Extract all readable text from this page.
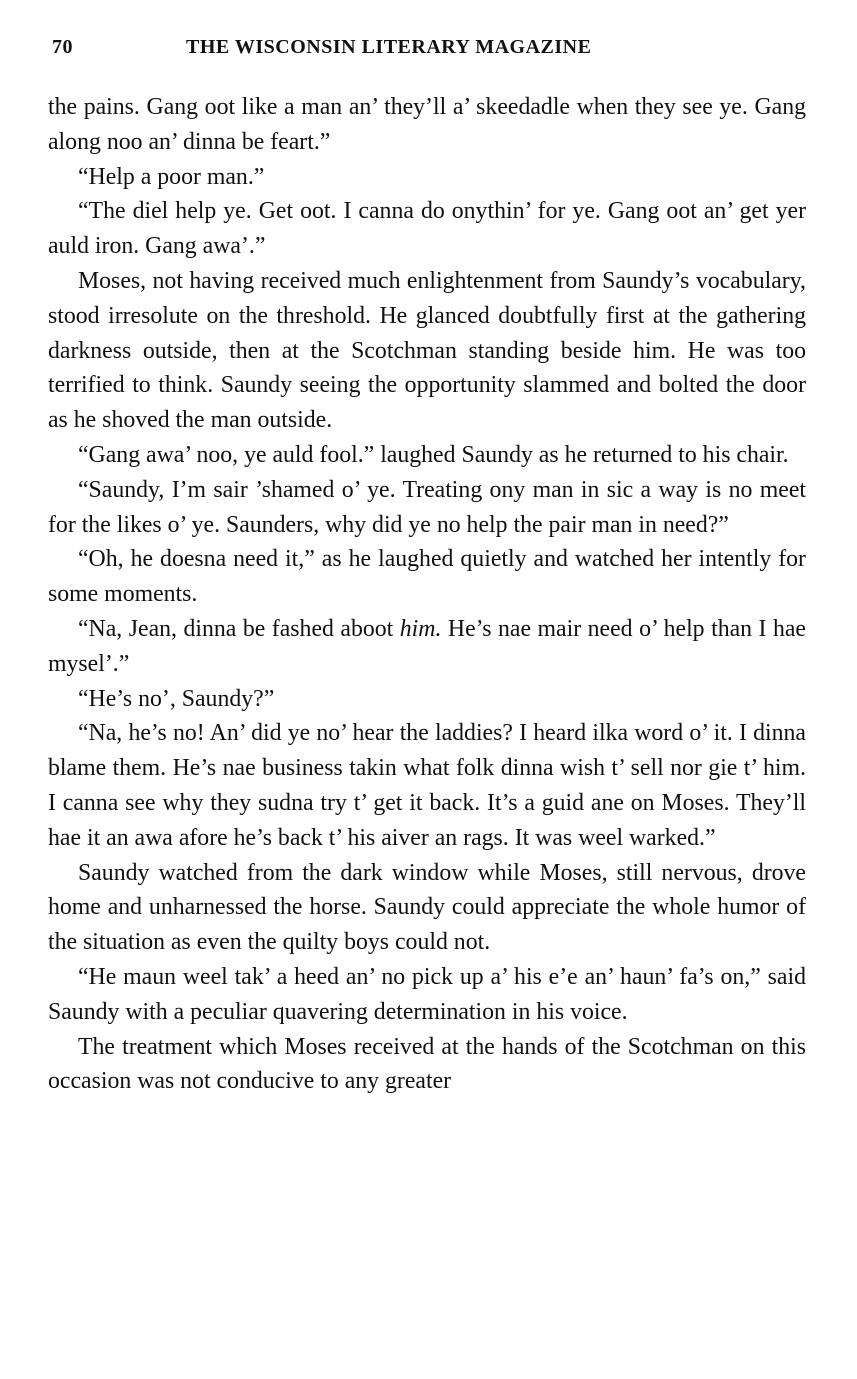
70	THE WISCONSIN LITERARY MAGAZINE

the pains. Gang oot like a man an’ they’ll a’ skeedadle when they see ye. Gang along noo an’ dinna be feart.”

“Help a poor man.”

“The diel help ye. Get oot. I canna do onythin’ for ye. Gang oot an’ get yer auld iron. Gang awa’.”

Moses, not having received much enlightenment from Saundy’s vocabulary, stood irresolute on the threshold. He glanced doubtfully first at the gathering darkness outside, then at the Scotchman standing beside him. He was too terrified to think. Saundy seeing the opportunity slammed and bolted the door as he shoved the man outside.

“Gang awa’ noo, ye auld fool.” laughed Saundy as he returned to his chair.

“Saundy, I’m sair ’shamed o’ ye. Treating ony man in sic a way is no meet for the likes o’ ye. Saunders, why did ye no help the pair man in need?”

“Oh, he doesna need it,” as he laughed quietly and watched her intently for some moments.

“Na, Jean, dinna be fashed aboot him. He’s nae mair need o’ help than I hae mysel’.”

“He’s no’, Saundy?”

“Na, he’s no! An’ did ye no’ hear the laddies? I heard ilka word o’ it. I dinna blame them. He’s nae business takin what folk dinna wish t’ sell nor gie t’ him. I canna see why they sudna try t’ get it back. It’s a guid ane on Moses. They’ll hae it an awa afore he’s back t’ his aiver an rags. It was weel warked.”

Saundy watched from the dark window while Moses, still nervous, drove home and unharnessed the horse. Saundy could appreciate the whole humor of the situation as even the quilty boys could not.

“He maun weel tak’ a heed an’ no pick up a’ his e’e an’ haun’ fa’s on,” said Saundy with a peculiar quavering determination in his voice.

The treatment which Moses received at the hands of the Scotchman on this occasion was not conducive to any greater
